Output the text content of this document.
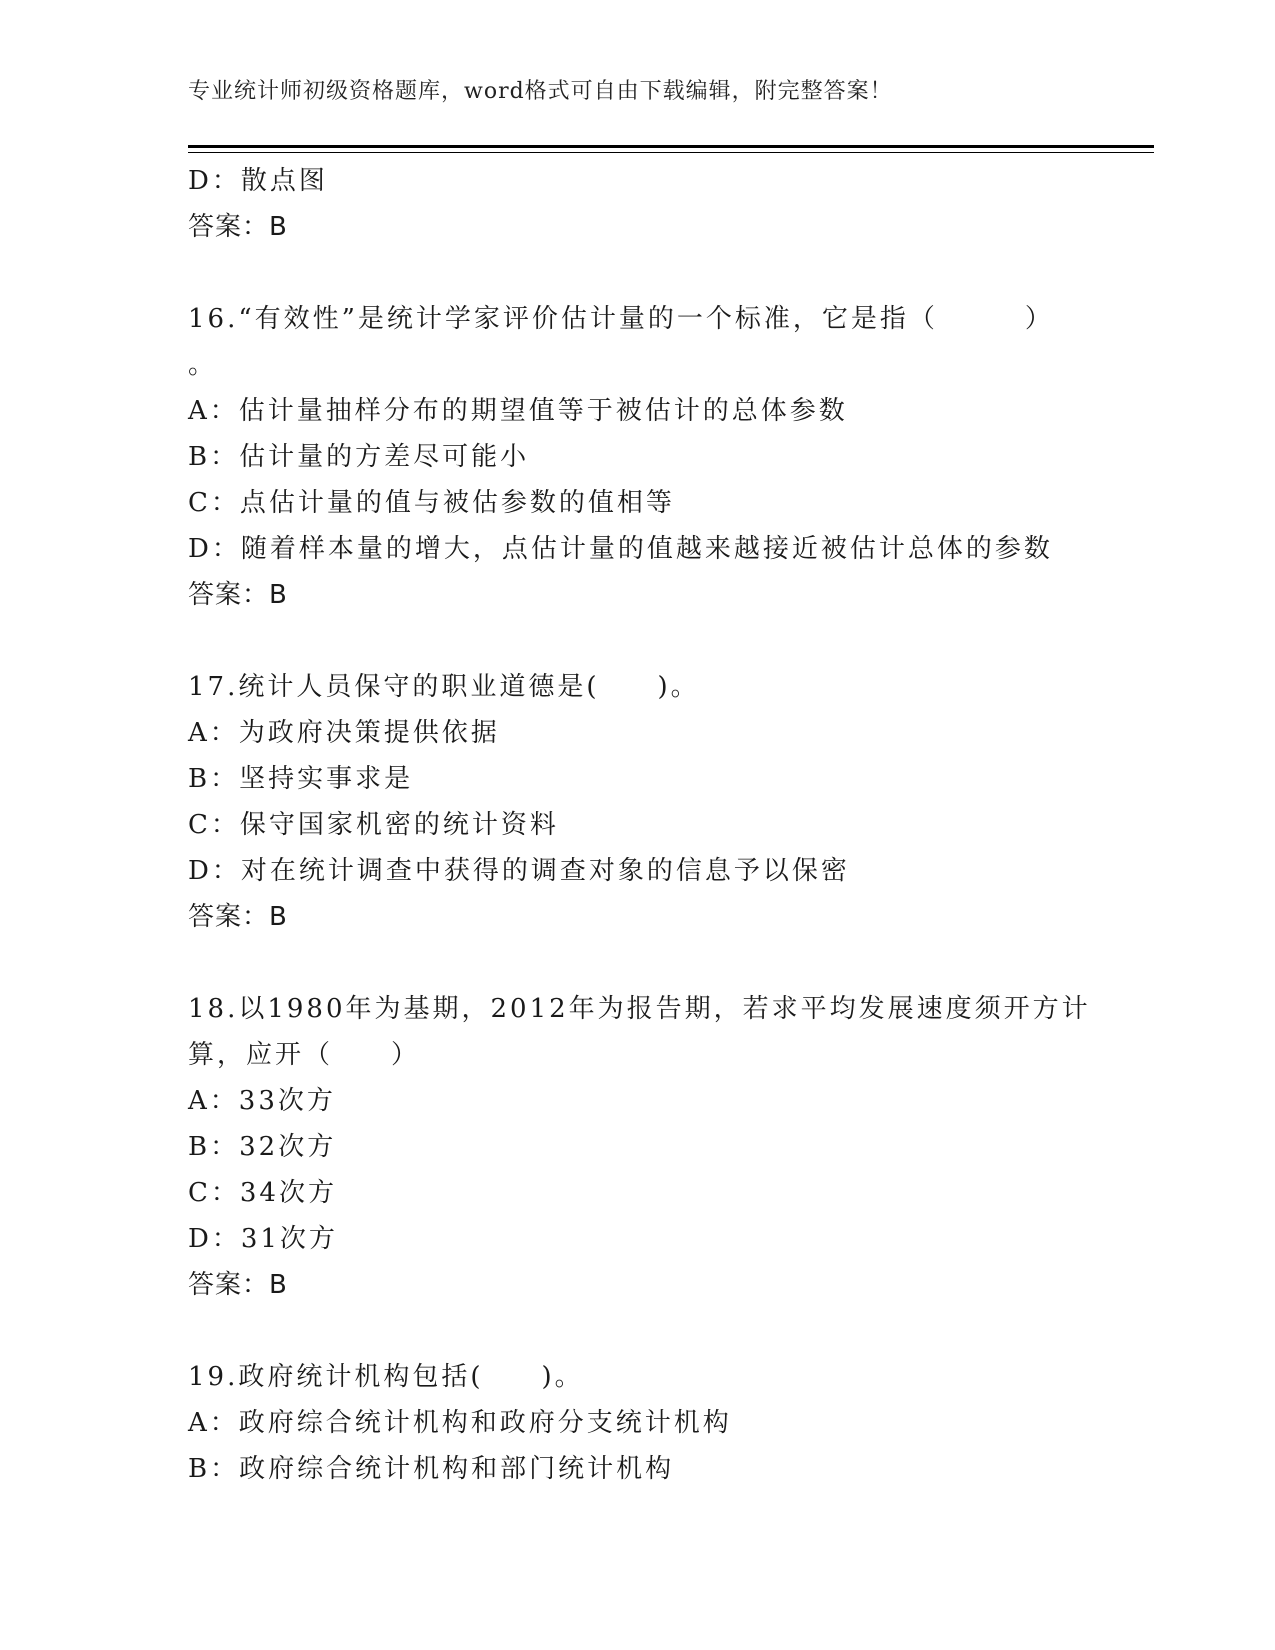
专业统计师初级资格题库，word格式可自由下载编辑，附完整答案！
D：散点图
答案：B
16.“有效性”是统计学家评价估计量的一个标准，它是指（　　　）
。
A：估计量抽样分布的期望值等于被估计的总体参数
B：估计量的方差尽可能小
C：点估计量的值与被估参数的值相等
D：随着样本量的增大，点估计量的值越来越接近被估计总体的参数
答案：B
17.统计人员保守的职业道德是(　　)。
A：为政府决策提供依据
B：坚持实事求是
C：保守国家机密的统计资料
D：对在统计调查中获得的调查对象的信息予以保密
答案：B
18.以1980年为基期，2012年为报告期，若求平均发展速度须开方计
算，应开（　　）
A：33次方
B：32次方
C：34次方
D：31次方
答案：B
19.政府统计机构包括(　　)。
A：政府综合统计机构和政府分支统计机构
B：政府综合统计机构和部门统计机构
